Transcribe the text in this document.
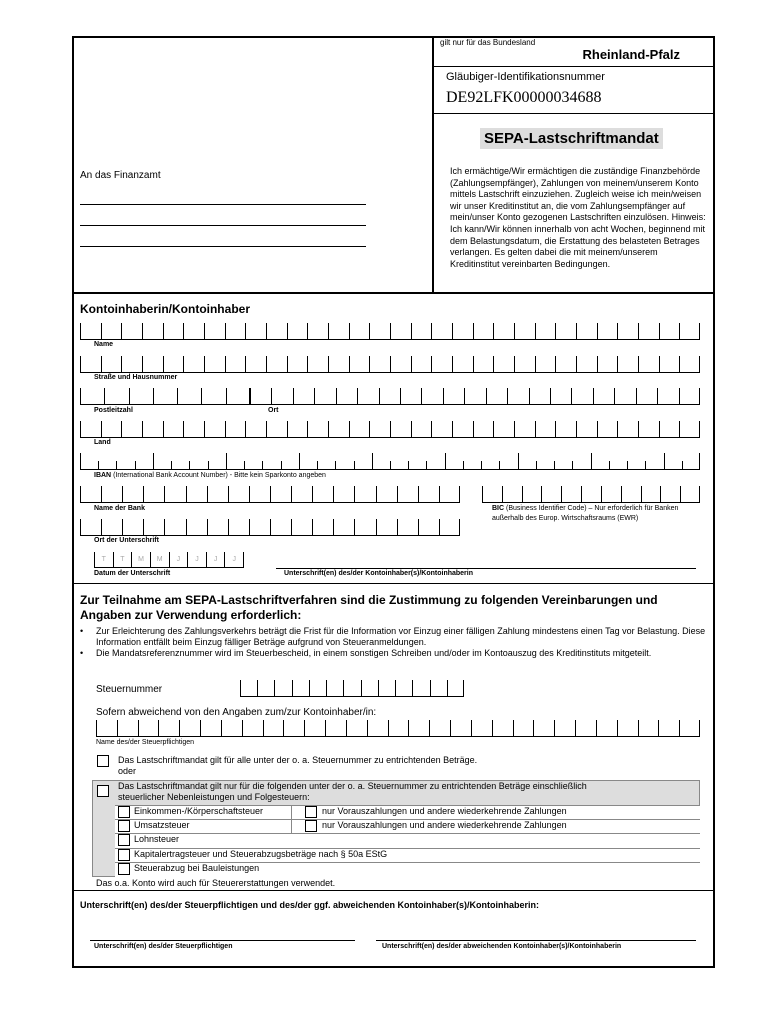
gilt nur für das Bundesland
Rheinland-Pfalz
Gläubiger-Identifikationsnummer
DE92LFK00000034688
SEPA-Lastschriftmandat
Ich ermächtige/Wir ermächtigen die zuständige Finanzbehörde (Zahlungsempfänger), Zahlungen von meinem/unserem Konto mittels Lastschrift einzuziehen. Zugleich weise ich mein/weisen wir unser Kreditinstitut an, die vom Zahlungsempfänger auf mein/unser Konto gezogenen Lastschriften einzulösen. Hinweis: Ich kann/Wir können innerhalb von acht Wochen, beginnend mit dem Belastungsdatum, die Erstattung des belasteten Betrages verlangen. Es gelten dabei die mit meinem/unserem Kreditinstitut vereinbarten Bedingungen.
An das Finanzamt
Kontoinhaberin/Kontoinhaber
Name
Straße und Hausnummer
Postleitzahl	Ort
Land
IBAN (International Bank Account Number) - Bitte kein Sparkonto angeben
Name der Bank	BIC (Business Identifier Code) – Nur erforderlich für Banken außerhalb des Europ. Wirtschaftsraums (EWR)
Ort der Unterschrift
T	T	M	M	J	J	J	J
Datum der Unterschrift	Unterschrift(en) des/der Kontoinhaber(s)/Kontoinhaberin
Zur Teilnahme am SEPA-Lastschriftverfahren sind die Zustimmung zu folgenden Vereinbarungen und Angaben zur Verwendung erforderlich:
• Zur Erleichterung des Zahlungsverkehrs beträgt die Frist für die Information vor Einzug einer fälligen Zahlung mindestens einen Tag vor Belastung. Diese Information entfällt beim Einzug fälliger Beträge aufgrund von Steueranmeldungen.
• Die Mandatsreferenznummer wird im Steuerbescheid, in einem sonstigen Schreiben und/oder im Kontoauszug des Kreditinstituts mitgeteilt.
Steuernummer
Sofern abweichend von den Angaben zum/zur Kontoinhaber/in:
Name des/der Steuerpflichtigen
Das Lastschriftmandat gilt für alle unter der o. a. Steuernummer zu entrichtenden Beträge.
oder
Das Lastschriftmandat gilt nur für die folgenden unter der o. a. Steuernummer zu entrichtenden Beträge einschließlich steuerlicher Nebenleistungen und Folgesteuern:
Einkommen-/Körperschaftsteuer	nur Vorauszahlungen und andere wiederkehrende Zahlungen
Umsatzsteuer	nur Vorauszahlungen und andere wiederkehrende Zahlungen
Lohnsteuer
Kapitalertragsteuer und Steuerabzugsbeträge nach § 50a EStG
Steuerabzug bei Bauleistungen
Das o.a. Konto wird auch für Steuererstattungen verwendet.
Unterschrift(en) des/der Steuerpflichtigen und des/der ggf. abweichenden Kontoinhaber(s)/Kontoinhaberin:
Unterschrift(en) des/der Steuerpflichtigen	Unterschrift(en) des/der abweichenden Kontoinhaber(s)/Kontoinhaberin
